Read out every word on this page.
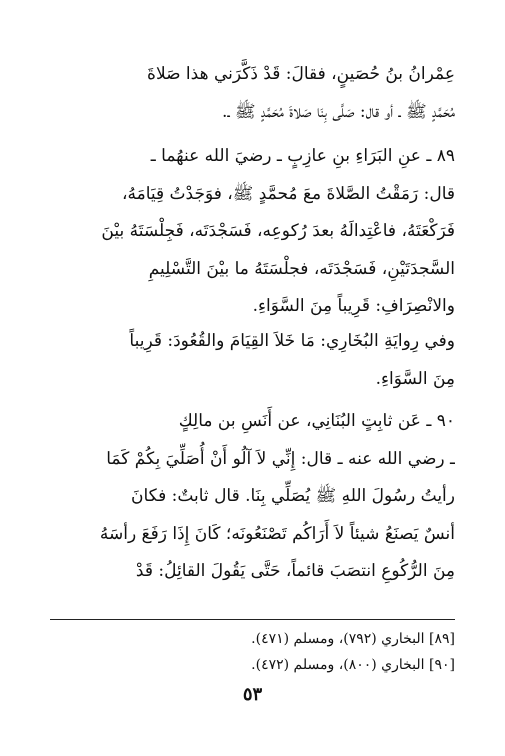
عِمْرانُ بنُ حُصَينٍ، فقالَ: قَدْ ذَكَّرَني هذا صَلاةَ
مُحَمَّدٍ ﷺ ـ أو قال: صَلَّى بِنَا صَلاةَ مُحَمَّدٍ ﷺ ـ.
٨٩ ـ عنِ البَرَاءِ بنِ عازِبٍ ـ رضيَ الله عنهُما ـ
قال: رَمَقْتُ الصَّلاةَ معَ مُحمَّدٍ ﷺ، فوَجَدْتُ قِيَامَهُ،
فَرَكْعَتَهُ، فاعْتِدالَهُ بعدَ رُكوعِه، فَسَجْدَتَه، فَجِلْسَتَهُ بيْنَ
السَّجدَتَيْنِ، فَسَجْدَتَه، فجلْسَتَهُ ما بيْنَ التَّسْلِيمِ
والانْصِرَافِ: قَرِيباً مِنَ السَّوَاءِ.
وفي رِوايَةِ البُخَارِي: مَا خَلاَ القِيَامَ والقُعُودَ: قَرِيباً
مِنَ السَّوَاءِ.
٩٠ ـ عَن ثابِتٍ البُنَانِي، عن أَنَسِ بن مالِكٍ
ـ رضي الله عنه ـ قال: إِنِّي لاَ آلُو أَنْ أُصَلِّيَ بِكُمْ كَمَا
رأيتُ رسُولَ اللهِ ﷺ يُصَلِّي بِنَا. قال ثابتٌ: فكانَ
أنسٌ يَصنَعُ شيئاً لاَ أَرَاكُم تَصْنَعُونَه؛ كَانَ إِذَا رَفَعَ رأسَهُ
مِنَ الرُّكُوعِ انتصَبَ قائماً، حَتَّى يَقُولَ القائِلُ: قَدْ
[٨٩] البخاري (٧٩٢)، ومسلم (٤٧١).
[٩٠] البخاري (٨٠٠)، ومسلم (٤٧٢).
٥٣
